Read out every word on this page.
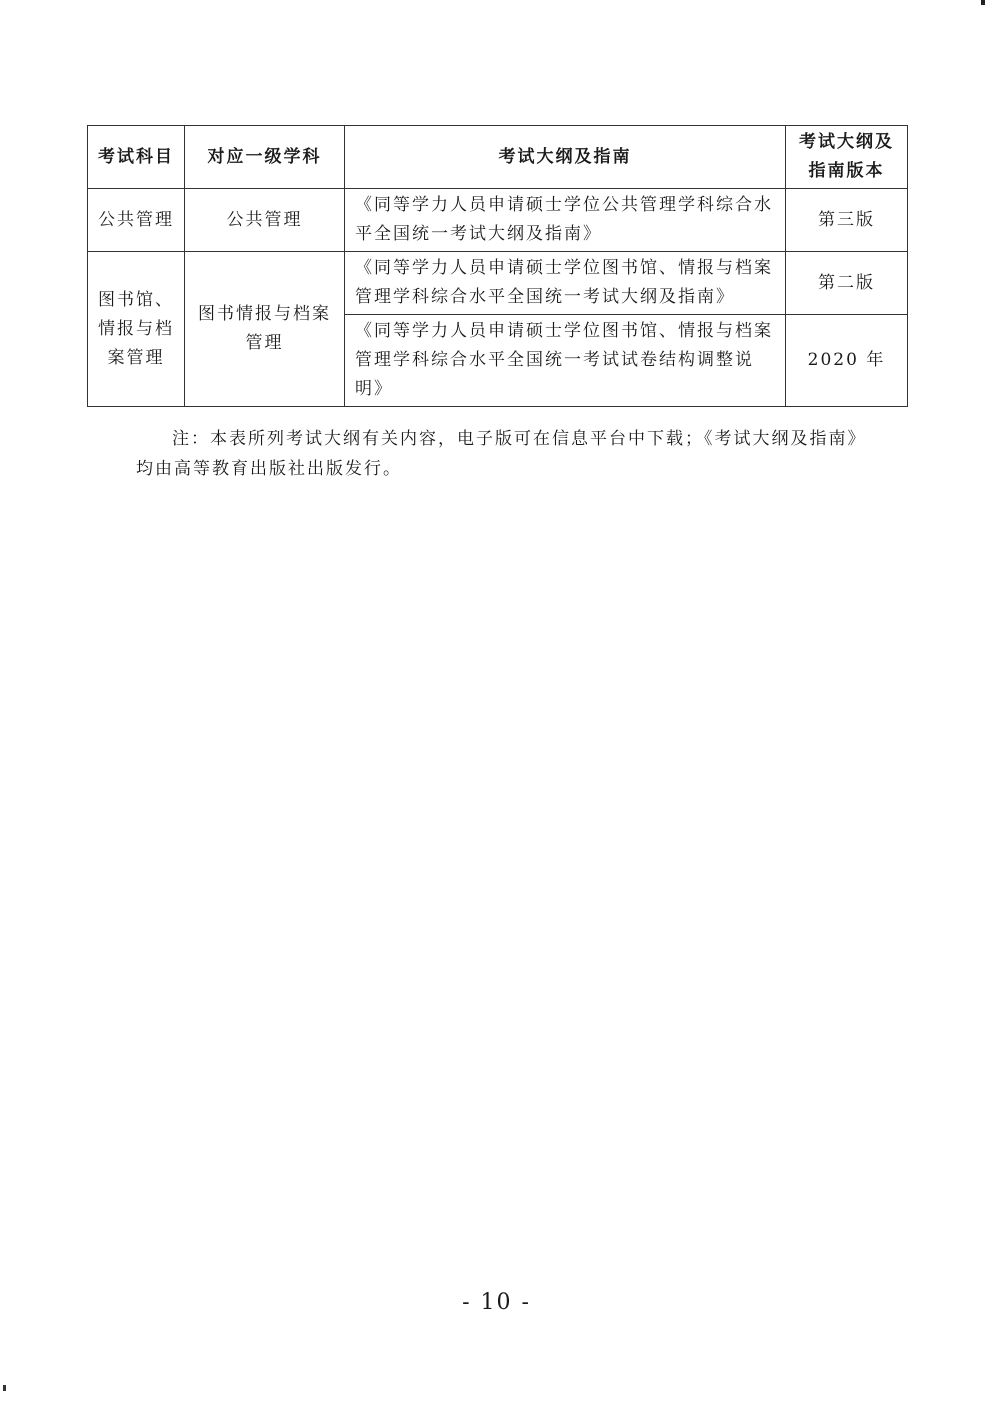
考试科目	对应一级学科	考试大纲及指南	考试大纲及指南版本
公共管理	公共管理	《同等学力人员申请硕士学位公共管理学科综合水平全国统一考试大纲及指南》	第三版
图书馆、情报与档案管理	图书情报与档案管理	《同等学力人员申请硕士学位图书馆、情报与档案管理学科综合水平全国统一考试大纲及指南》	第二版
		《同等学力人员申请硕士学位图书馆、情报与档案管理学科综合水平全国统一考试试卷结构调整说明》	2020 年

注：本表所列考试大纲有关内容，电子版可在信息平台中下载；《考试大纲及指南》均由高等教育出版社出版发行。

- 10 -
